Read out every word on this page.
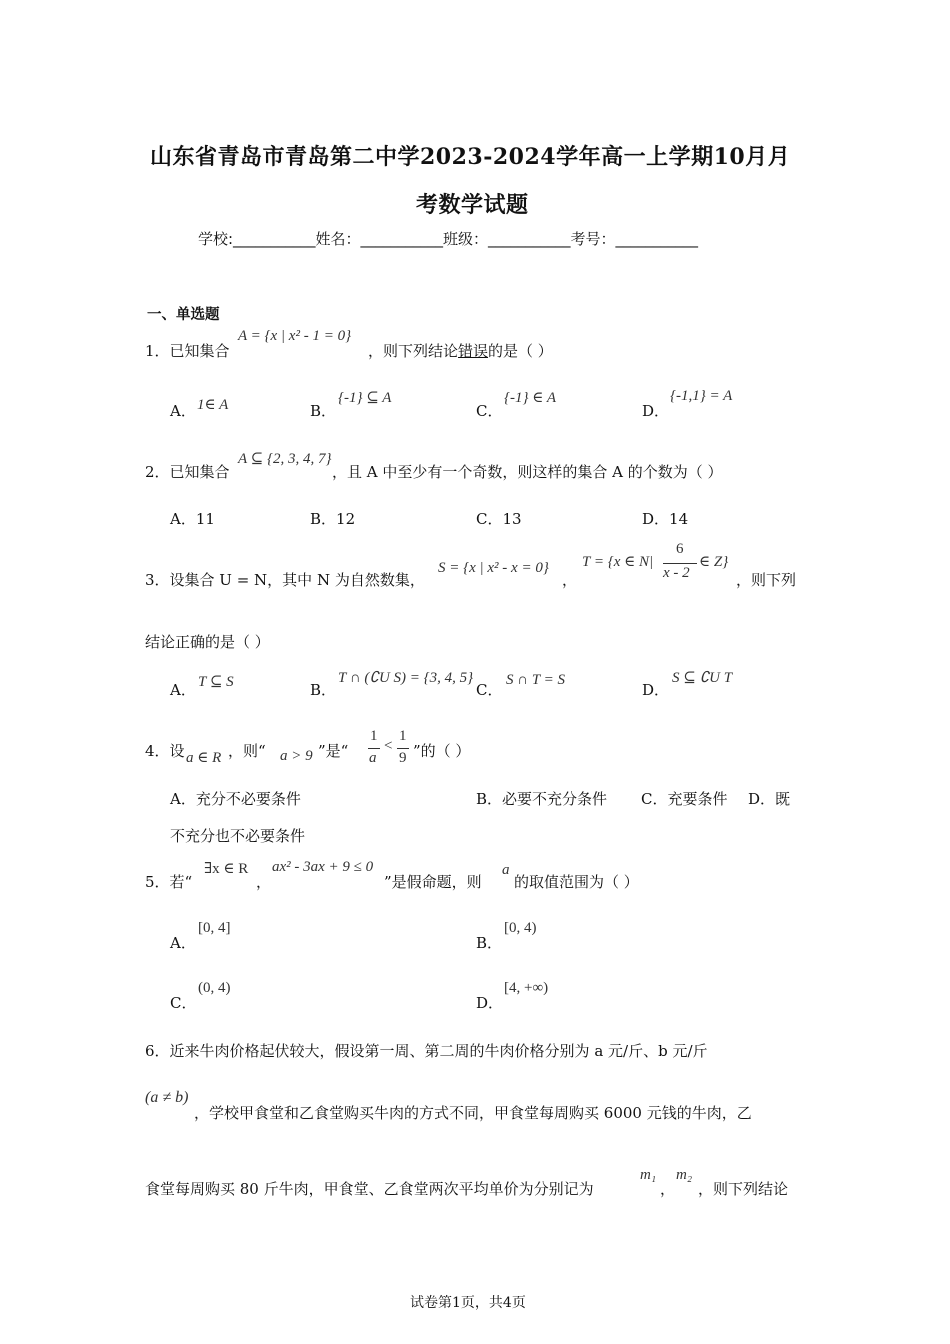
山东省青岛市青岛第二中学2023-2024学年高一上学期10月月
考数学试题
学校:___________姓名：___________班级：___________考号：___________
一、单选题
1．已知集合
A = {x | x² - 1 = 0}
，则下列结论错误的是（ ）
A． 1∈ A	B．
{-1} ⊆ A
C．
{-1} ∈ A
D．
{-1,1} = A
2．已知集合
A ⊆ {2, 3, 4, 7}
，且 A 中至少有一个奇数，则这样的集合 A 的个数为（ ）
A．11	B．12	C．13	D．14
3．设集合 U = N，其中 N 为自然数集，
S = {x | x² - x = 0}
，
T = {x ∈ N|
6
x - 2
∈ Z}
，则下列
结论正确的是（ ）
A． T ⊆ S	B．
T ∩ (∁U S) = {3, 4, 5}
C．
S ∩ T = S
D．
S ⊆ ∁U T
4．设 a ∈ R ，则“ a > 9 ”是“
1
a
<
1
9 ”的（ ）
A．充分不必要条件	B．必要不充分条件 C．充要条件 D．既
不充分也不必要条件
5．若“
∃x ∈ R
，
ax² - 3ax + 9 ≤ 0
”是假命题，则
a
的取值范围为（ ）
A．
[0, 4]
B．
[0, 4)
C．
(0, 4)
D．
[4, +∞)
6．近来牛肉价格起伏较大，假设第一周、第二周的牛肉价格分别为 a 元/斤、b 元/斤
(a ≠ b)
，学校甲食堂和乙食堂购买牛肉的方式不同，甲食堂每周购买 6000 元钱的牛肉，乙
食堂每周购买 80 斤牛肉，甲食堂、乙食堂两次平均单价为分别记为
m₁
，
m₂
，则下列结论
试卷第1页，共4页
